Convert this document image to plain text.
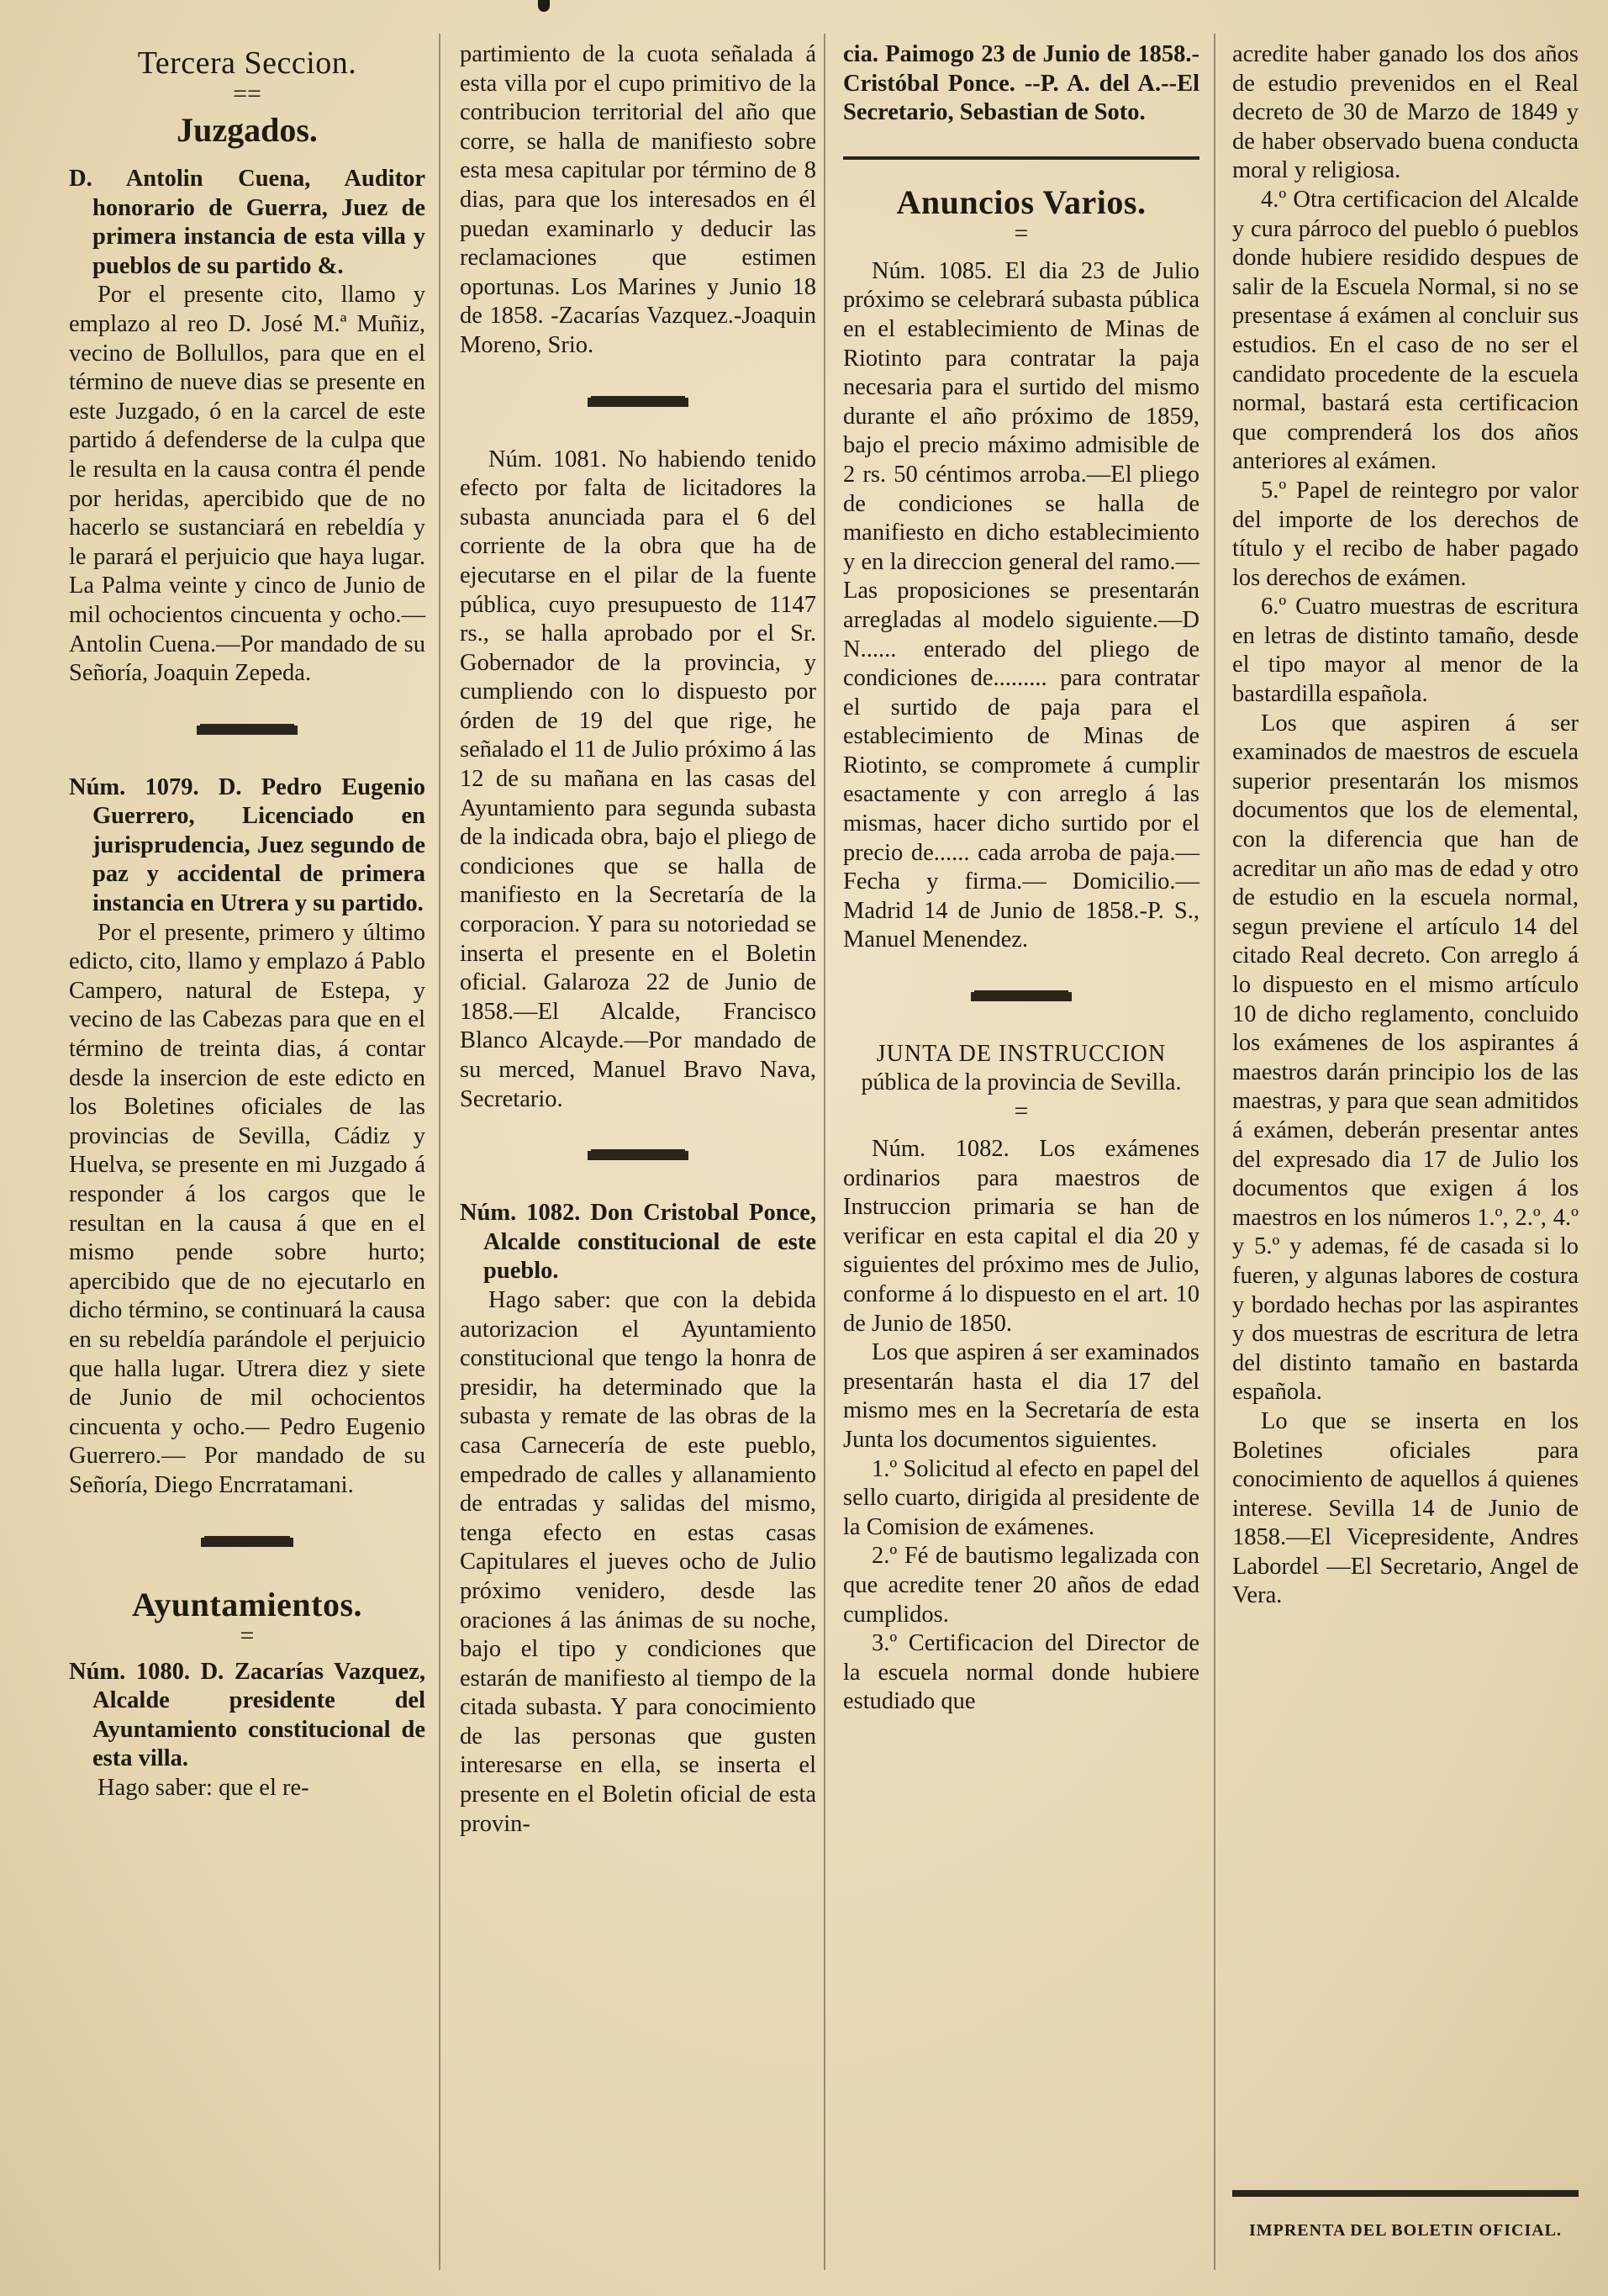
Tercera Seccion.
==
Juzgados.

D. Antolin Cuena, Auditor honorario de Guerra, Juez de primera instancia de esta villa y pueblos de su partido &.

Por el presente cito, llamo y emplazo al reo D. José M.ª Muñiz, vecino de Bollullos, para que en el término de nueve dias se presente en este Juzgado, ó en la carcel de este partido á defenderse de la culpa que le resulta en la causa contra él pende por heridas, apercibido que de no hacerlo se sustanciará en rebeldía y le parará el perjuicio que haya lugar. La Palma veinte y cinco de Junio de mil ochocientos cincuenta y ocho.— Antolin Cuena.—Por mandado de su Señoría, Joaquin Zepeda.

Núm. 1079. D. Pedro Eugenio Guerrero, Licenciado en jurisprudencia, Juez segundo de paz y accidental de primera instancia en Utrera y su partido.

Por el presente, primero y último edicto, cito, llamo y emplazo á Pablo Campero, natural de Estepa, y vecino de las Cabezas para que en el término de treinta dias, á contar desde la insercion de este edicto en los Boletines oficiales de las provincias de Sevilla, Cádiz y Huelva, se presente en mi Juzgado á responder á los cargos que le resultan en la causa á que en el mismo pende sobre hurto; apercibido que de no ejecutarlo en dicho término, se continuará la causa en su rebeldía parándole el perjuicio que halla lugar. Utrera diez y siete de Junio de mil ochocientos cincuenta y ocho.— Pedro Eugenio Guerrero.— Por mandado de su Señoría, Diego Encrratamani.

Ayuntamientos.
=

Núm. 1080. D. Zacarías Vazquez, Alcalde presidente del Ayuntamiento constitucional de esta villa.

Hago saber: que el re-

partimiento de la cuota señalada á esta villa por el cupo primitivo de la contribucion territorial del año que corre, se halla de manifiesto sobre esta mesa capitular por término de 8 dias, para que los interesados en él puedan examinarlo y deducir las reclamaciones que estimen oportunas. Los Marines y Junio 18 de 1858. -Zacarías Vazquez.-Joaquin Moreno, Srio.

Núm. 1081. No habiendo tenido efecto por falta de licitadores la subasta anunciada para el 6 del corriente de la obra que ha de ejecutarse en el pilar de la fuente pública, cuyo presupuesto de 1147 rs., se halla aprobado por el Sr. Gobernador de la provincia, y cumpliendo con lo dispuesto por órden de 19 del que rige, he señalado el 11 de Julio próximo á las 12 de su mañana en las casas del Ayuntamiento para segunda subasta de la indicada obra, bajo el pliego de condiciones que se halla de manifiesto en la Secretaría de la corporacion. Y para su notoriedad se inserta el presente en el Boletin oficial. Galaroza 22 de Junio de 1858.—El Alcalde, Francisco Blanco Alcayde.—Por mandado de su merced, Manuel Bravo Nava, Secretario.

Núm. 1082. Don Cristobal Ponce, Alcalde constitucional de este pueblo.

Hago saber: que con la debida autorizacion el Ayuntamiento constitucional que tengo la honra de presidir, ha determinado que la subasta y remate de las obras de la casa Carnecería de este pueblo, empedrado de calles y allanamiento de entradas y salidas del mismo, tenga efecto en estas casas Capitulares el jueves ocho de Julio próximo venidero, desde las oraciones á las ánimas de su noche, bajo el tipo y condiciones que estarán de manifiesto al tiempo de la citada subasta. Y para conocimiento de las personas que gusten interesarse en ella, se inserta el presente en el Boletin oficial de esta provin-

cia. Paimogo 23 de Junio de 1858.-Cristóbal Ponce. --P. A. del A.--El Secretario, Sebastian de Soto.

Anuncios Varios.
=

Núm. 1085. El dia 23 de Julio próximo se celebrará subasta pública en el establecimiento de Minas de Riotinto para contratar la paja necesaria para el surtido del mismo durante el año próximo de 1859, bajo el precio máximo admisible de 2 rs. 50 céntimos arroba.—El pliego de condiciones se halla de manifiesto en dicho establecimiento y en la direccion general del ramo.—Las proposiciones se presentarán arregladas al modelo siguiente.—D N...... enterado del pliego de condiciones de......... para contratar el surtido de paja para el establecimiento de Minas de Riotinto, se compromete á cumplir esactamente y con arreglo á las mismas, hacer dicho surtido por el precio de...... cada arroba de paja.—Fecha y firma.— Domicilio.—Madrid 14 de Junio de 1858.-P. S., Manuel Menendez.

JUNTA DE INSTRUCCION
pública de la provincia de Sevilla.
=

Núm. 1082. Los exámenes ordinarios para maestros de Instruccion primaria se han de verificar en esta capital el dia 20 y siguientes del próximo mes de Julio, conforme á lo dispuesto en el art. 10 de Junio de 1850.

Los que aspiren á ser examinados presentarán hasta el dia 17 del mismo mes en la Secretaría de esta Junta los documentos siguientes.

1.º Solicitud al efecto en papel del sello cuarto, dirigida al presidente de la Comision de exámenes.

2.º Fé de bautismo legalizada con que acredite tener 20 años de edad cumplidos.

3.º Certificacion del Director de la escuela normal donde hubiere estudiado que

acredite haber ganado los dos años de estudio prevenidos en el Real decreto de 30 de Marzo de 1849 y de haber observado buena conducta moral y religiosa.

4.º Otra certificacion del Alcalde y cura párroco del pueblo ó pueblos donde hubiere residido despues de salir de la Escuela Normal, si no se presentase á exámen al concluir sus estudios. En el caso de no ser el candidato procedente de la escuela normal, bastará esta certificacion que comprenderá los dos años anteriores al exámen.

5.º Papel de reintegro por valor del importe de los derechos de título y el recibo de haber pagado los derechos de exámen.

6.º Cuatro muestras de escritura en letras de distinto tamaño, desde el tipo mayor al menor de la bastardilla española.

Los que aspiren á ser examinados de maestros de escuela superior presentarán los mismos documentos que los de elemental, con la diferencia que han de acreditar un año mas de edad y otro de estudio en la escuela normal, segun previene el artículo 14 del citado Real decreto. Con arreglo á lo dispuesto en el mismo artículo 10 de dicho reglamento, concluido los exámenes de los aspirantes á maestros darán principio los de las maestras, y para que sean admitidos á exámen, deberán presentar antes del expresado dia 17 de Julio los documentos que exigen á los maestros en los números 1.º, 2.º, 4.º y 5.º y ademas, fé de casada si lo fueren, y algunas labores de costura y bordado hechas por las aspirantes y dos muestras de escritura de letra del distinto tamaño en bastarda española.

Lo que se inserta en los Boletines oficiales para conocimiento de aquellos á quienes interese. Sevilla 14 de Junio de 1858.—El Vicepresidente, Andres Labordel —El Secretario, Angel de Vera.

IMPRENTA DEL BOLETIN OFICIAL.
